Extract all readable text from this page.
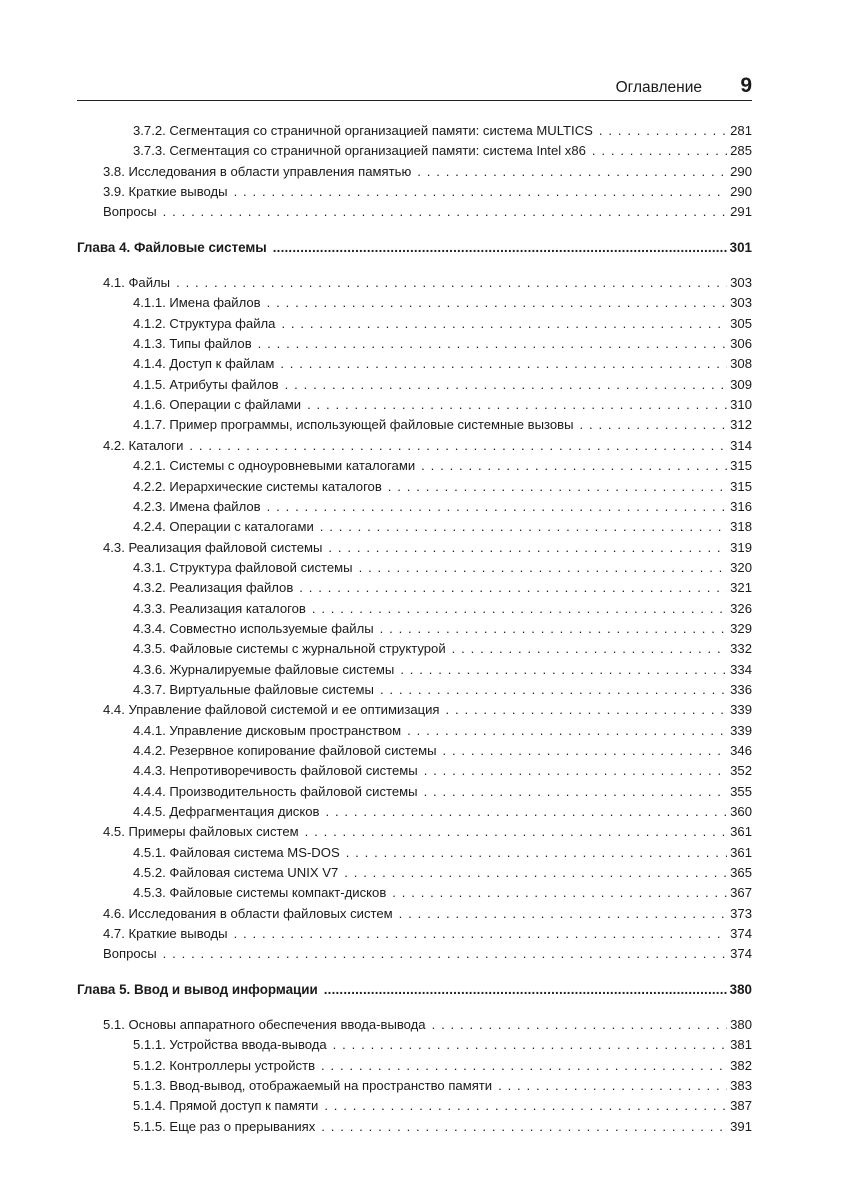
Оглавление 9
3.7.2. Сегментация со страничной организацией памяти: система MULTICS . . .	281
3.7.3. Сегментация со страничной организацией памяти: система Intel x86 . . .	285
3.8. Исследования в области управления памятью . . .	290
3.9. Краткие выводы . . .	290
Вопросы . . .	291
Глава 4. Файловые системы .....	301
4.1. Файлы . . .	303
4.1.1. Имена файлов . . .	303
4.1.2. Структура файла . . .	305
4.1.3. Типы файлов . . .	306
4.1.4. Доступ к файлам . . .	308
4.1.5. Атрибуты файлов . . .	309
4.1.6. Операции с файлами . . .	310
4.1.7. Пример программы, использующей файловые системные вызовы . . .	312
4.2. Каталоги . . .	314
4.2.1. Системы с одноуровневыми каталогами . . .	315
4.2.2. Иерархические системы каталогов . . .	315
4.2.3. Имена файлов . . .	316
4.2.4. Операции с каталогами . . .	318
4.3. Реализация файловой системы . . .	319
4.3.1. Структура файловой системы . . .	320
4.3.2. Реализация файлов . . .	321
4.3.3. Реализация каталогов . . .	326
4.3.4. Совместно используемые файлы . . .	329
4.3.5. Файловые системы с журнальной структурой . . .	332
4.3.6. Журналируемые файловые системы . . .	334
4.3.7. Виртуальные файловые системы . . .	336
4.4. Управление файловой системой и ее оптимизация . . .	339
4.4.1. Управление дисковым пространством . . .	339
4.4.2. Резервное копирование файловой системы . . .	346
4.4.3. Непротиворечивость файловой системы . . .	352
4.4.4. Производительность файловой системы . . .	355
4.4.5. Дефрагментация дисков . . .	360
4.5. Примеры файловых систем . . .	361
4.5.1. Файловая система MS-DOS . . .	361
4.5.2. Файловая система UNIX V7 . . .	365
4.5.3. Файловые системы компакт-дисков . . .	367
4.6. Исследования в области файловых систем . . .	373
4.7. Краткие выводы . . .	374
Вопросы . . .	374
Глава 5. Ввод и вывод информации .....	380
5.1. Основы аппаратного обеспечения ввода-вывода . . .	380
5.1.1. Устройства ввода-вывода . . .	381
5.1.2. Контроллеры устройств . . .	382
5.1.3. Ввод-вывод, отображаемый на пространство памяти . . .	383
5.1.4. Прямой доступ к памяти . . .	387
5.1.5. Еще раз о прерываниях . . .	391
